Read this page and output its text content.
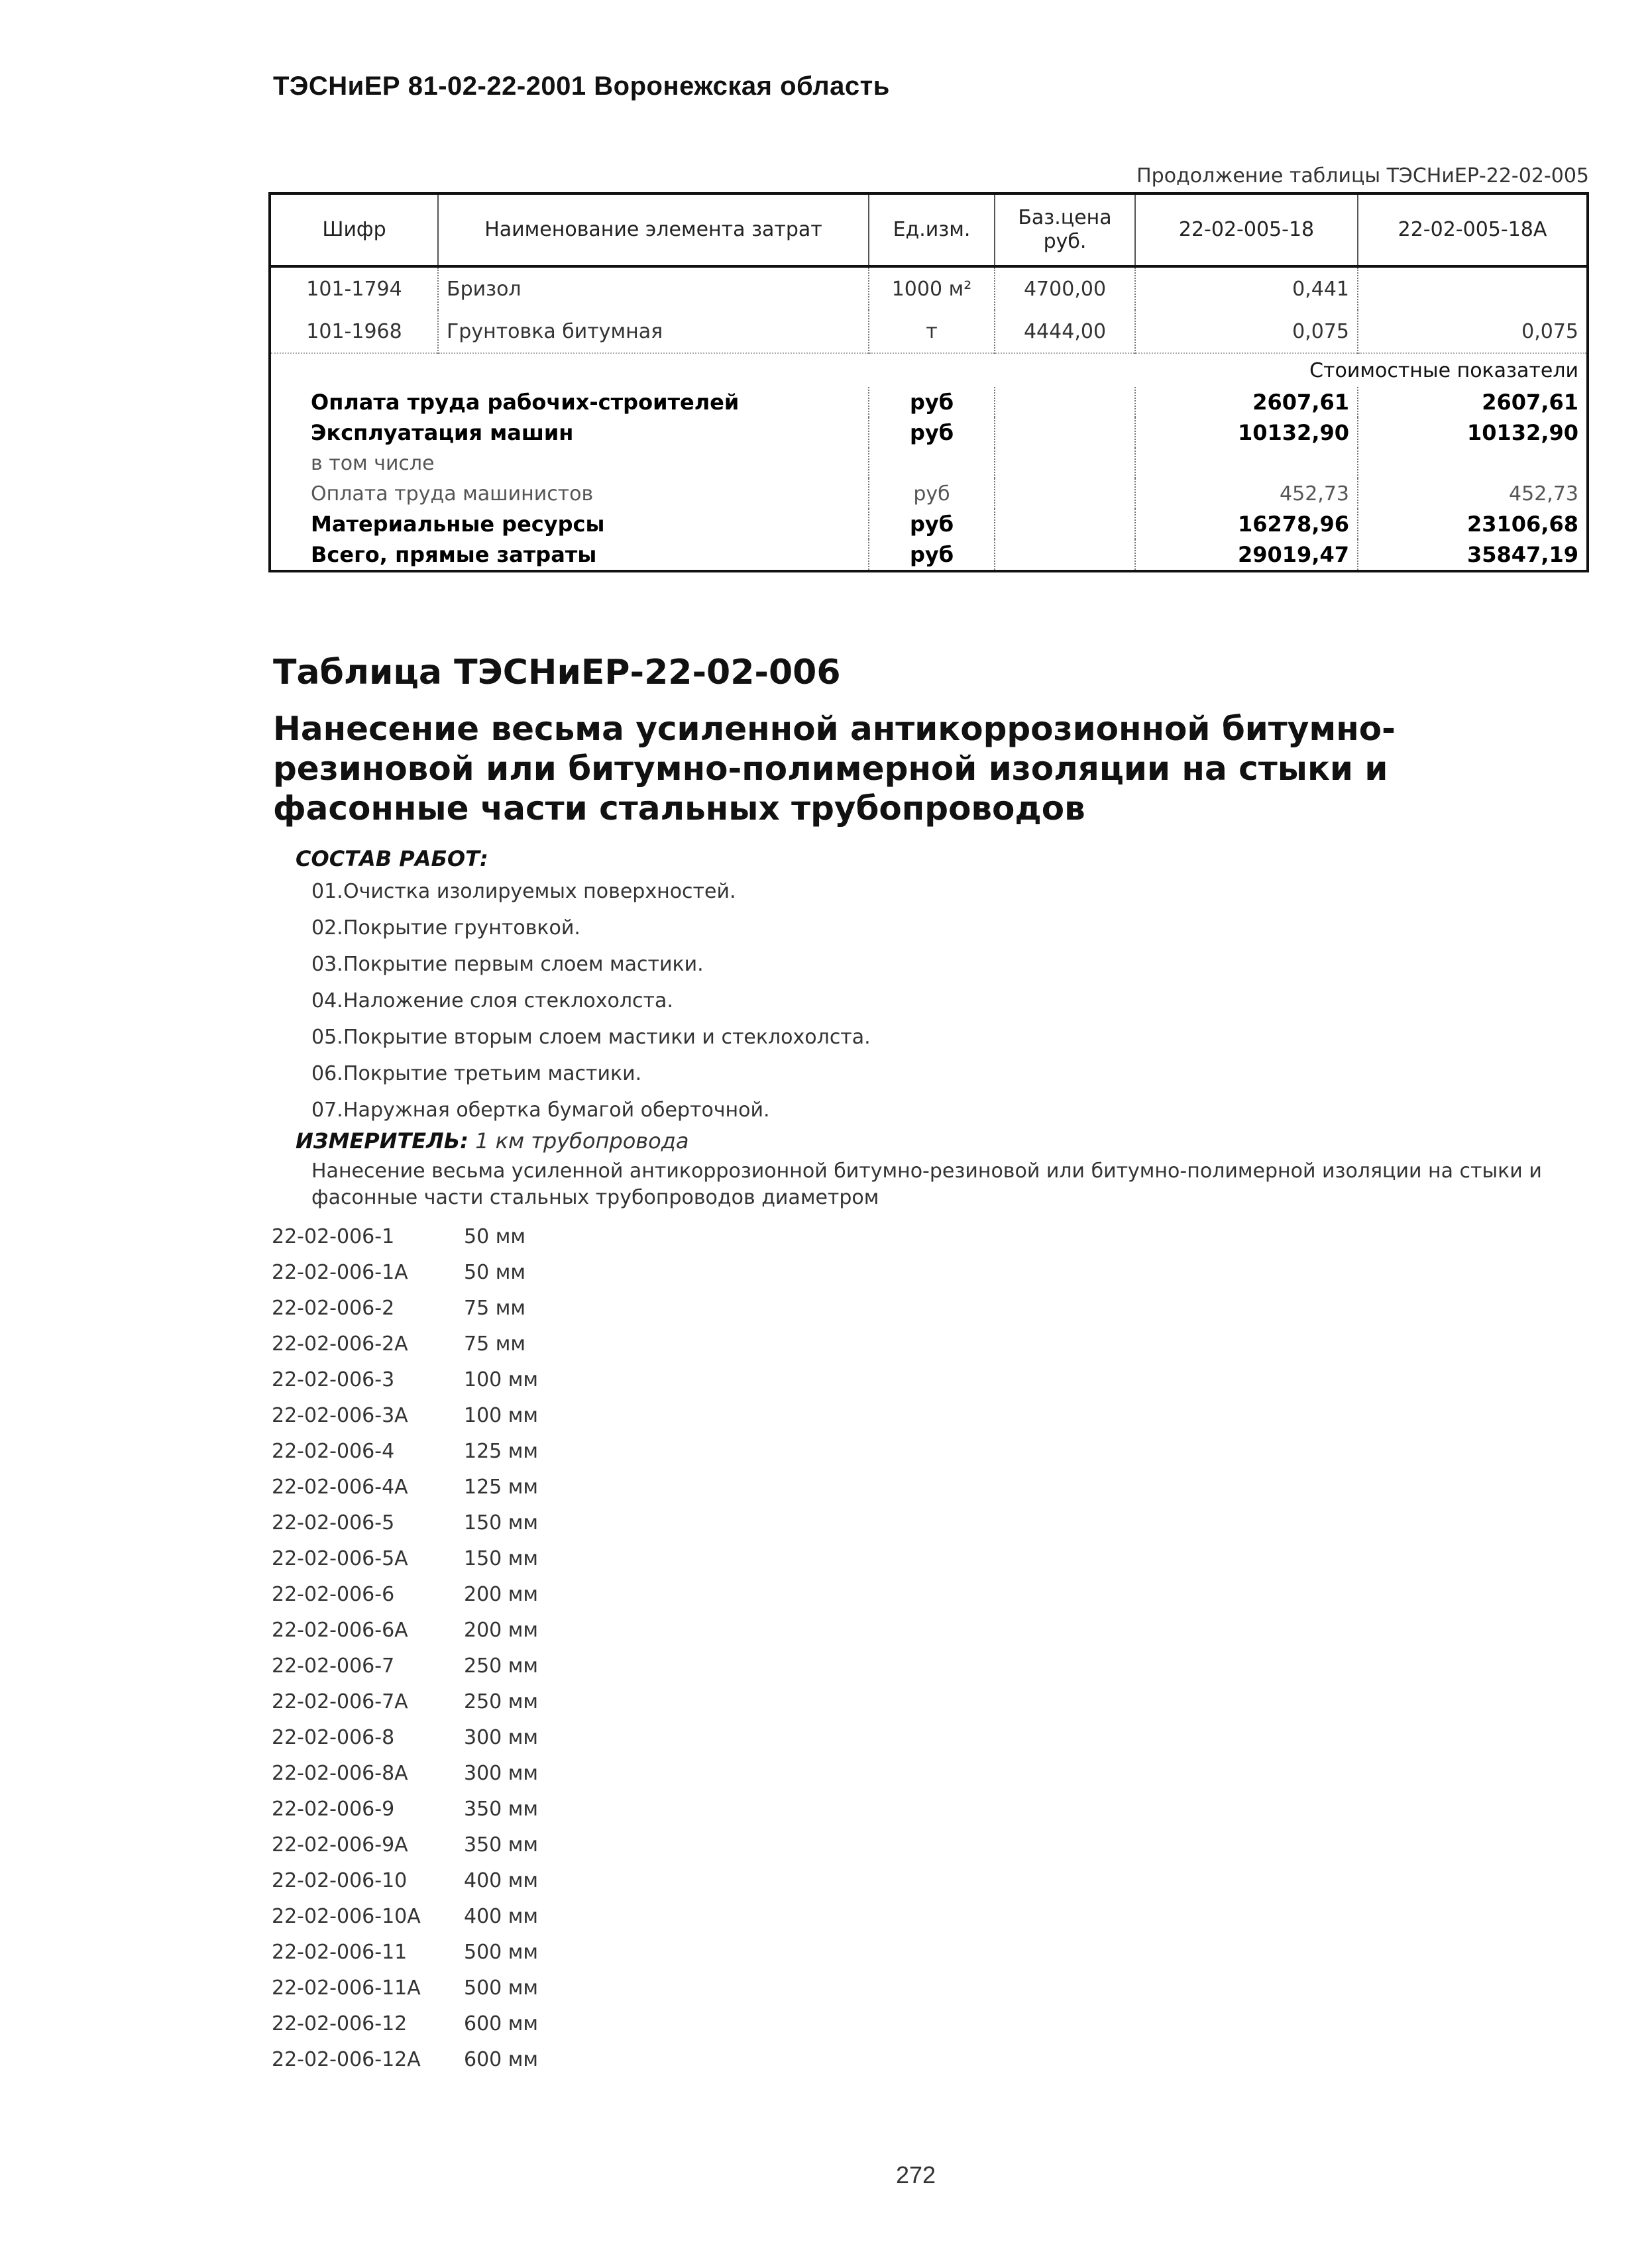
ТЭСНиЕР 81-02-22-2001 Воронежская область
Продолжение таблицы ТЭСНиЕР-22-02-005
Шифр	Наименование элемента затрат	Ед.изм.	Баз.цена руб.	22-02-005-18	22-02-005-18А
101-1794	Бризол	1000 м²	4700,00	0,441	
101-1968	Грунтовка битумная	т	4444,00	0,075	0,075
Стоимостные показатели					
Оплата труда рабочих-строителей		руб		2607,61	2607,61
Эксплуатация машин		руб		10132,90	10132,90
в том числе					
Оплата труда машинистов		руб		452,73	452,73
Материальные ресурсы		руб		16278,96	23106,68
Всего, прямые затраты		руб		29019,47	35847,19
Таблица ТЭСНиЕР-22-02-006
Нанесение весьма усиленной антикоррозионной битумно-резиновой или битумно-полимерной изоляции на стыки и фасонные части стальных трубопроводов
СОСТАВ РАБОТ:
01.Очистка изолируемых поверхностей.
02.Покрытие грунтовкой.
03.Покрытие первым слоем мастики.
04.Наложение слоя стеклохолста.
05.Покрытие вторым слоем мастики и стеклохолста.
06.Покрытие третьим мастики.
07.Наружная обертка бумагой оберточной.
ИЗМЕРИТЕЛЬ: 1 км трубопровода
Нанесение весьма усиленной антикоррозионной битумно-резиновой или битумно-полимерной изоляции на стыки и фасонные части стальных трубопроводов диаметром
22-02-006-1	50 мм
22-02-006-1А	50 мм
22-02-006-2	75 мм
22-02-006-2А	75 мм
22-02-006-3	100 мм
22-02-006-3А	100 мм
22-02-006-4	125 мм
22-02-006-4А	125 мм
22-02-006-5	150 мм
22-02-006-5А	150 мм
22-02-006-6	200 мм
22-02-006-6А	200 мм
22-02-006-7	250 мм
22-02-006-7А	250 мм
22-02-006-8	300 мм
22-02-006-8А	300 мм
22-02-006-9	350 мм
22-02-006-9А	350 мм
22-02-006-10	400 мм
22-02-006-10А 400 мм
22-02-006-11	500 мм
22-02-006-11А 500 мм
22-02-006-12	600 мм
22-02-006-12А 600 мм
272
